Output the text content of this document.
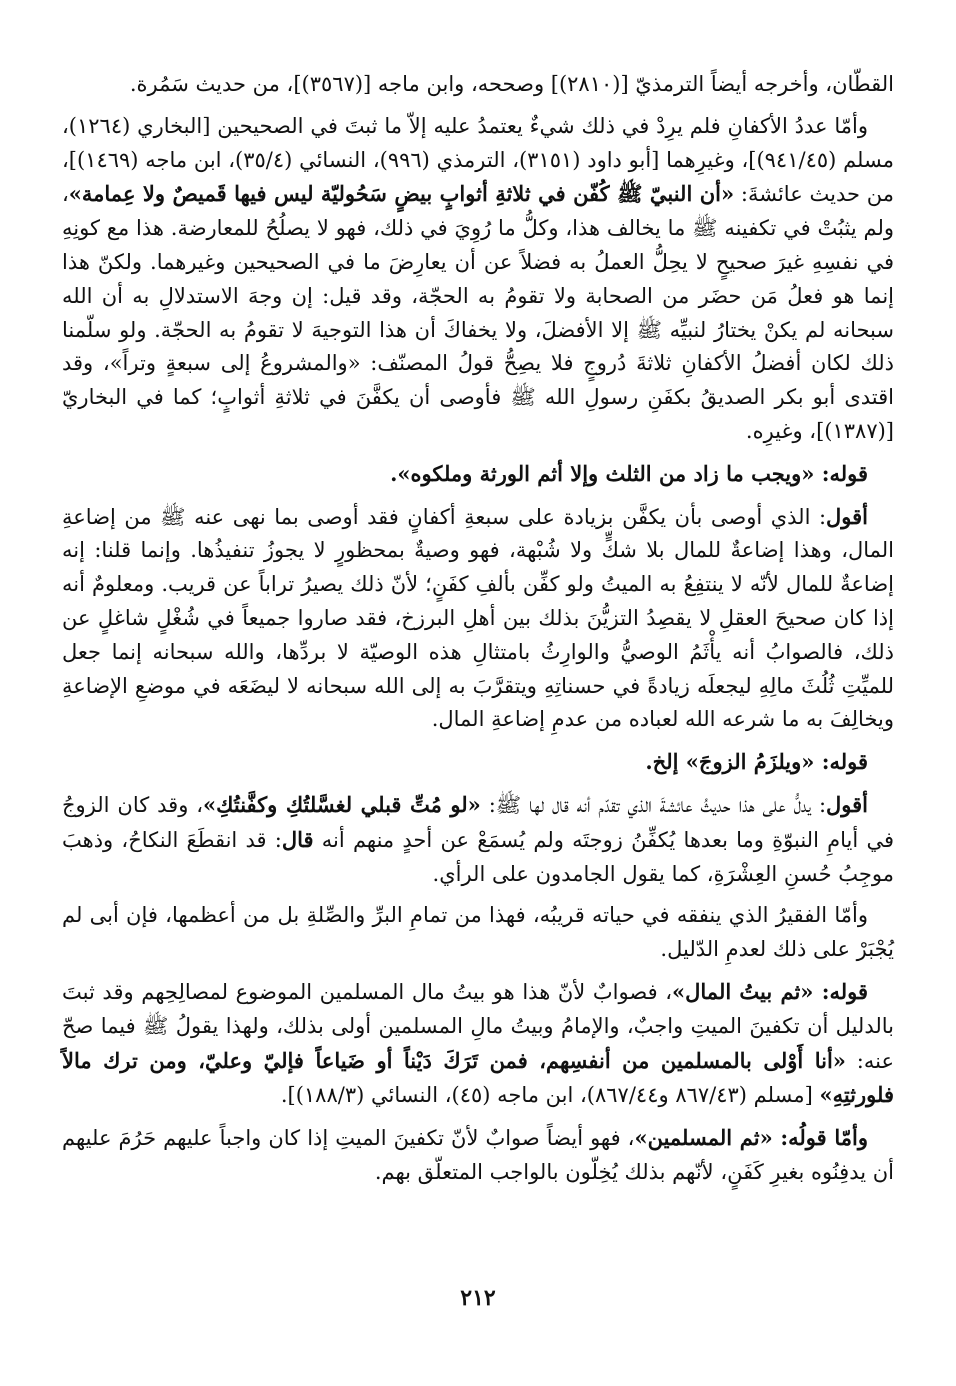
القطّان، وأخرجه أيضاً الترمذيّ [(٢٨١٠)] وصححه، وابن ماجه [(٣٥٦٧)]، من حديث سَمُرة.

وأمّا عددُ الأكفانِ فلم يرِدْ في ذلك شيءٌ يعتمدُ عليه إلاّ ما ثبتَ في الصحيحين [البخاري (١٢٦٤)، مسلم (٩٤١/٤٥)]، وغيرِهما [أبو داود (٣١٥١)، الترمذي (٩٩٦)، النسائي (٣٥/٤)، ابن ماجه (١٤٦٩)]، من حديث عائشةَ: «أن النبيّ ﷺ كُفّن في ثلاثةِ أثوابٍ بيضٍ سَحُوليّة ليس فيها قَميصٌ ولا عِمامة»، ولم يثبُتْ في تكفينه ﷺ ما يخالف هذا، وكلُّ ما رُوِيَ في ذلك، فهو لا يصلُحُ للمعارضة. هذا مع كونِهِ في نفسِهِ غيرَ صحيحٍ لا يحِلُّ العملُ به فضلاً عن أن يعارِضَ ما في الصحيحين وغيرهما. ولكنّ هذا إنما هو فعلُ مَن حضَر من الصحابة ولا تقومُ به الحجّة، وقد قيل: إن وجهَ الاستدلالِ به أن الله سبحانه لم يكنْ يختارُ لنبيِّه ﷺ إلا الأفضلَ، ولا يخفاكَ أن هذا التوجيهَ لا تقومُ به الحجّة. ولو سلّمنا ذلك لكان أفضلُ الأكفانِ ثلاثةَ دُروجٍ فلا يصِحُّ قولُ المصنّف: «والمشروعُ إلى سبعةٍ وتراً»، وقد اقتدى أبو بكر الصديقُ بكفَنِ رسولِ الله ﷺ فأوصى أن يكفَّنَ في ثلاثةِ أثوابٍ؛ كما في البخاريّ [(١٣٨٧)]، وغيرِه.

قوله: «ويجب ما زاد من الثلث وإلا أثم الورثة وملكوه».

أقول: الذي أوصى بأن يكفَّن بزيادة على سبعةِ أكفانٍ فقد أوصى بما نهى عنه ﷺ من إضاعةِ المال، وهذا إضاعةٌ للمال بلا شكٍّ ولا شُبْهة، فهو وصيةٌ بمحظورٍ لا يجوزُ تنفيذُها. وإنما قلنا: إنه إضاعةٌ للمال لأنّه لا ينتفِعُ به الميتُ ولو كفِّن بألفِ كفَنٍ؛ لأنّ ذلك يصيرُ تراباً عن قريب. ومعلومٌ أنه إذا كان صحيحَ العقلِ لا يقصِدُ التزيُّنَ بذلك بين أهلِ البرزخ، فقد صاروا جميعاً في شُغْلٍ شاغلٍ عن ذلك، فالصوابُ أنه يأْثَمُ الوصيُّ والوارِثُ بامتثالِ هذه الوصيّة لا بردِّها، والله سبحانه إنما جعل للميِّتِ ثُلُثَ مالِهِ ليجعلَه زيادةً في حسناتِهِ ويتقرَّبَ به إلى الله سبحانه لا ليضَعَه في موضعِ الإضاعةِ ويخالِفَ به ما شرعه الله لعباده من عدمِ إضاعةِ المال.

قوله: «ويلزَمُ الزوجَ» إلخ.

أقول: يدلُّ على هذا حديثُ عائشةَ الذي تقدّم أنه قال لها ﷺ: «لو مُتِّ قبلي لغسَّلتُكِ وكفَّنتُكِ»، وقد كان الزوجُ في أيامِ النبوّةِ وما بعدها يُكفِّنُ زوجتَه ولم يُسمَعْ عن أحدٍ منهم أنه قال: قد انقطَعَ النكاحُ، وذهبَ موجِبُ حُسنِ العِشْرَةِ، كما يقول الجامدون على الرأي.

وأمّا الفقيرُ الذي ينفقه في حياته قريبُه، فهذا من تمامِ البرِّ والصِّلةِ بل من أعظمها، فإن أبى لم يُجْبَرْ على ذلك لعدمِ الدّليل.

قوله: «ثم بيتُ المال»، فصوابٌ لأنّ هذا هو بيتُ مال المسلمين الموضوع لمصالِحِهم وقد ثبتَ بالدليل أن تكفينَ الميتِ واجبٌ، والإمامُ وبيتُ مالِ المسلمين أولى بذلك، ولهذا يقولُ ﷺ فيما صحّ عنه: «أنا أَوْلى بالمسلمين من أنفسِهم، فمن تَرَكَ دَيْناً أو ضَياعاً فإليّ وعليّ، ومن ترك مالاً فلورثتِهِ» [مسلم (٨٦٧/٤٣ و٨٦٧/٤٤)، ابن ماجه (٤٥)، النسائي (١٨٨/٣)].

وأمّا قولُه: «ثم المسلمين»، فهو أيضاً صوابٌ لأنّ تكفينَ الميتِ إذا كان واجباً عليهم حَرُمَ عليهم أن يدفِنُوه بغيرِ كَفَنٍ، لأنّهم بذلك يُخِلّون بالواجب المتعلّق بهم.

٢١٢
